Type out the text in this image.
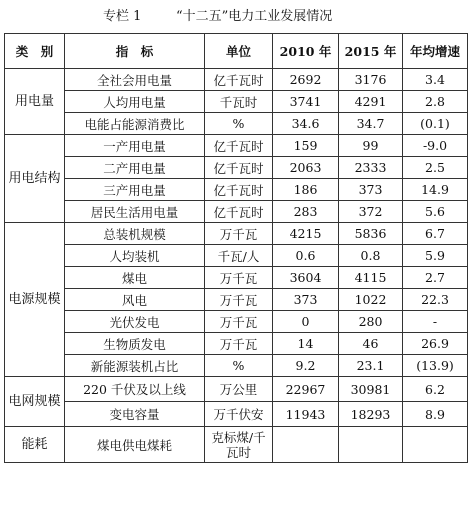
专栏 1	“十二五”电力工业发展情况
类　别	指　标	单位	2010 年	2015 年	年均增速
用电量	全社会用电量	亿千瓦时	2692	3176	3.4
	人均用电量	千瓦时	3741	4291	2.8
	电能占能源消费比	%	34.6	34.7	(0.1)
用电结构	一产用电量	亿千瓦时	159	99	-9.0
	二产用电量	亿千瓦时	2063	2333	2.5
	三产用电量	亿千瓦时	186	373	14.9
	居民生活用电量	亿千瓦时	283	372	5.6
电源规模	总装机规模	万千瓦	4215	5836	6.7
	人均装机	千瓦/人	0.6	0.8	5.9
	煤电	万千瓦	3604	4115	2.7
	风电	万千瓦	373	1022	22.3
	光伏发电	万千瓦	0	280	-
	生物质发电	万千瓦	14	46	26.9
	新能源装机占比	%	9.2	23.1	(13.9)
电网规模	220 千伏及以上线	万公里	22967	30981	6.2
	变电容量	万千伏安	11943	18293	8.9
能耗	煤电供电煤耗	克标煤/千瓦时			
